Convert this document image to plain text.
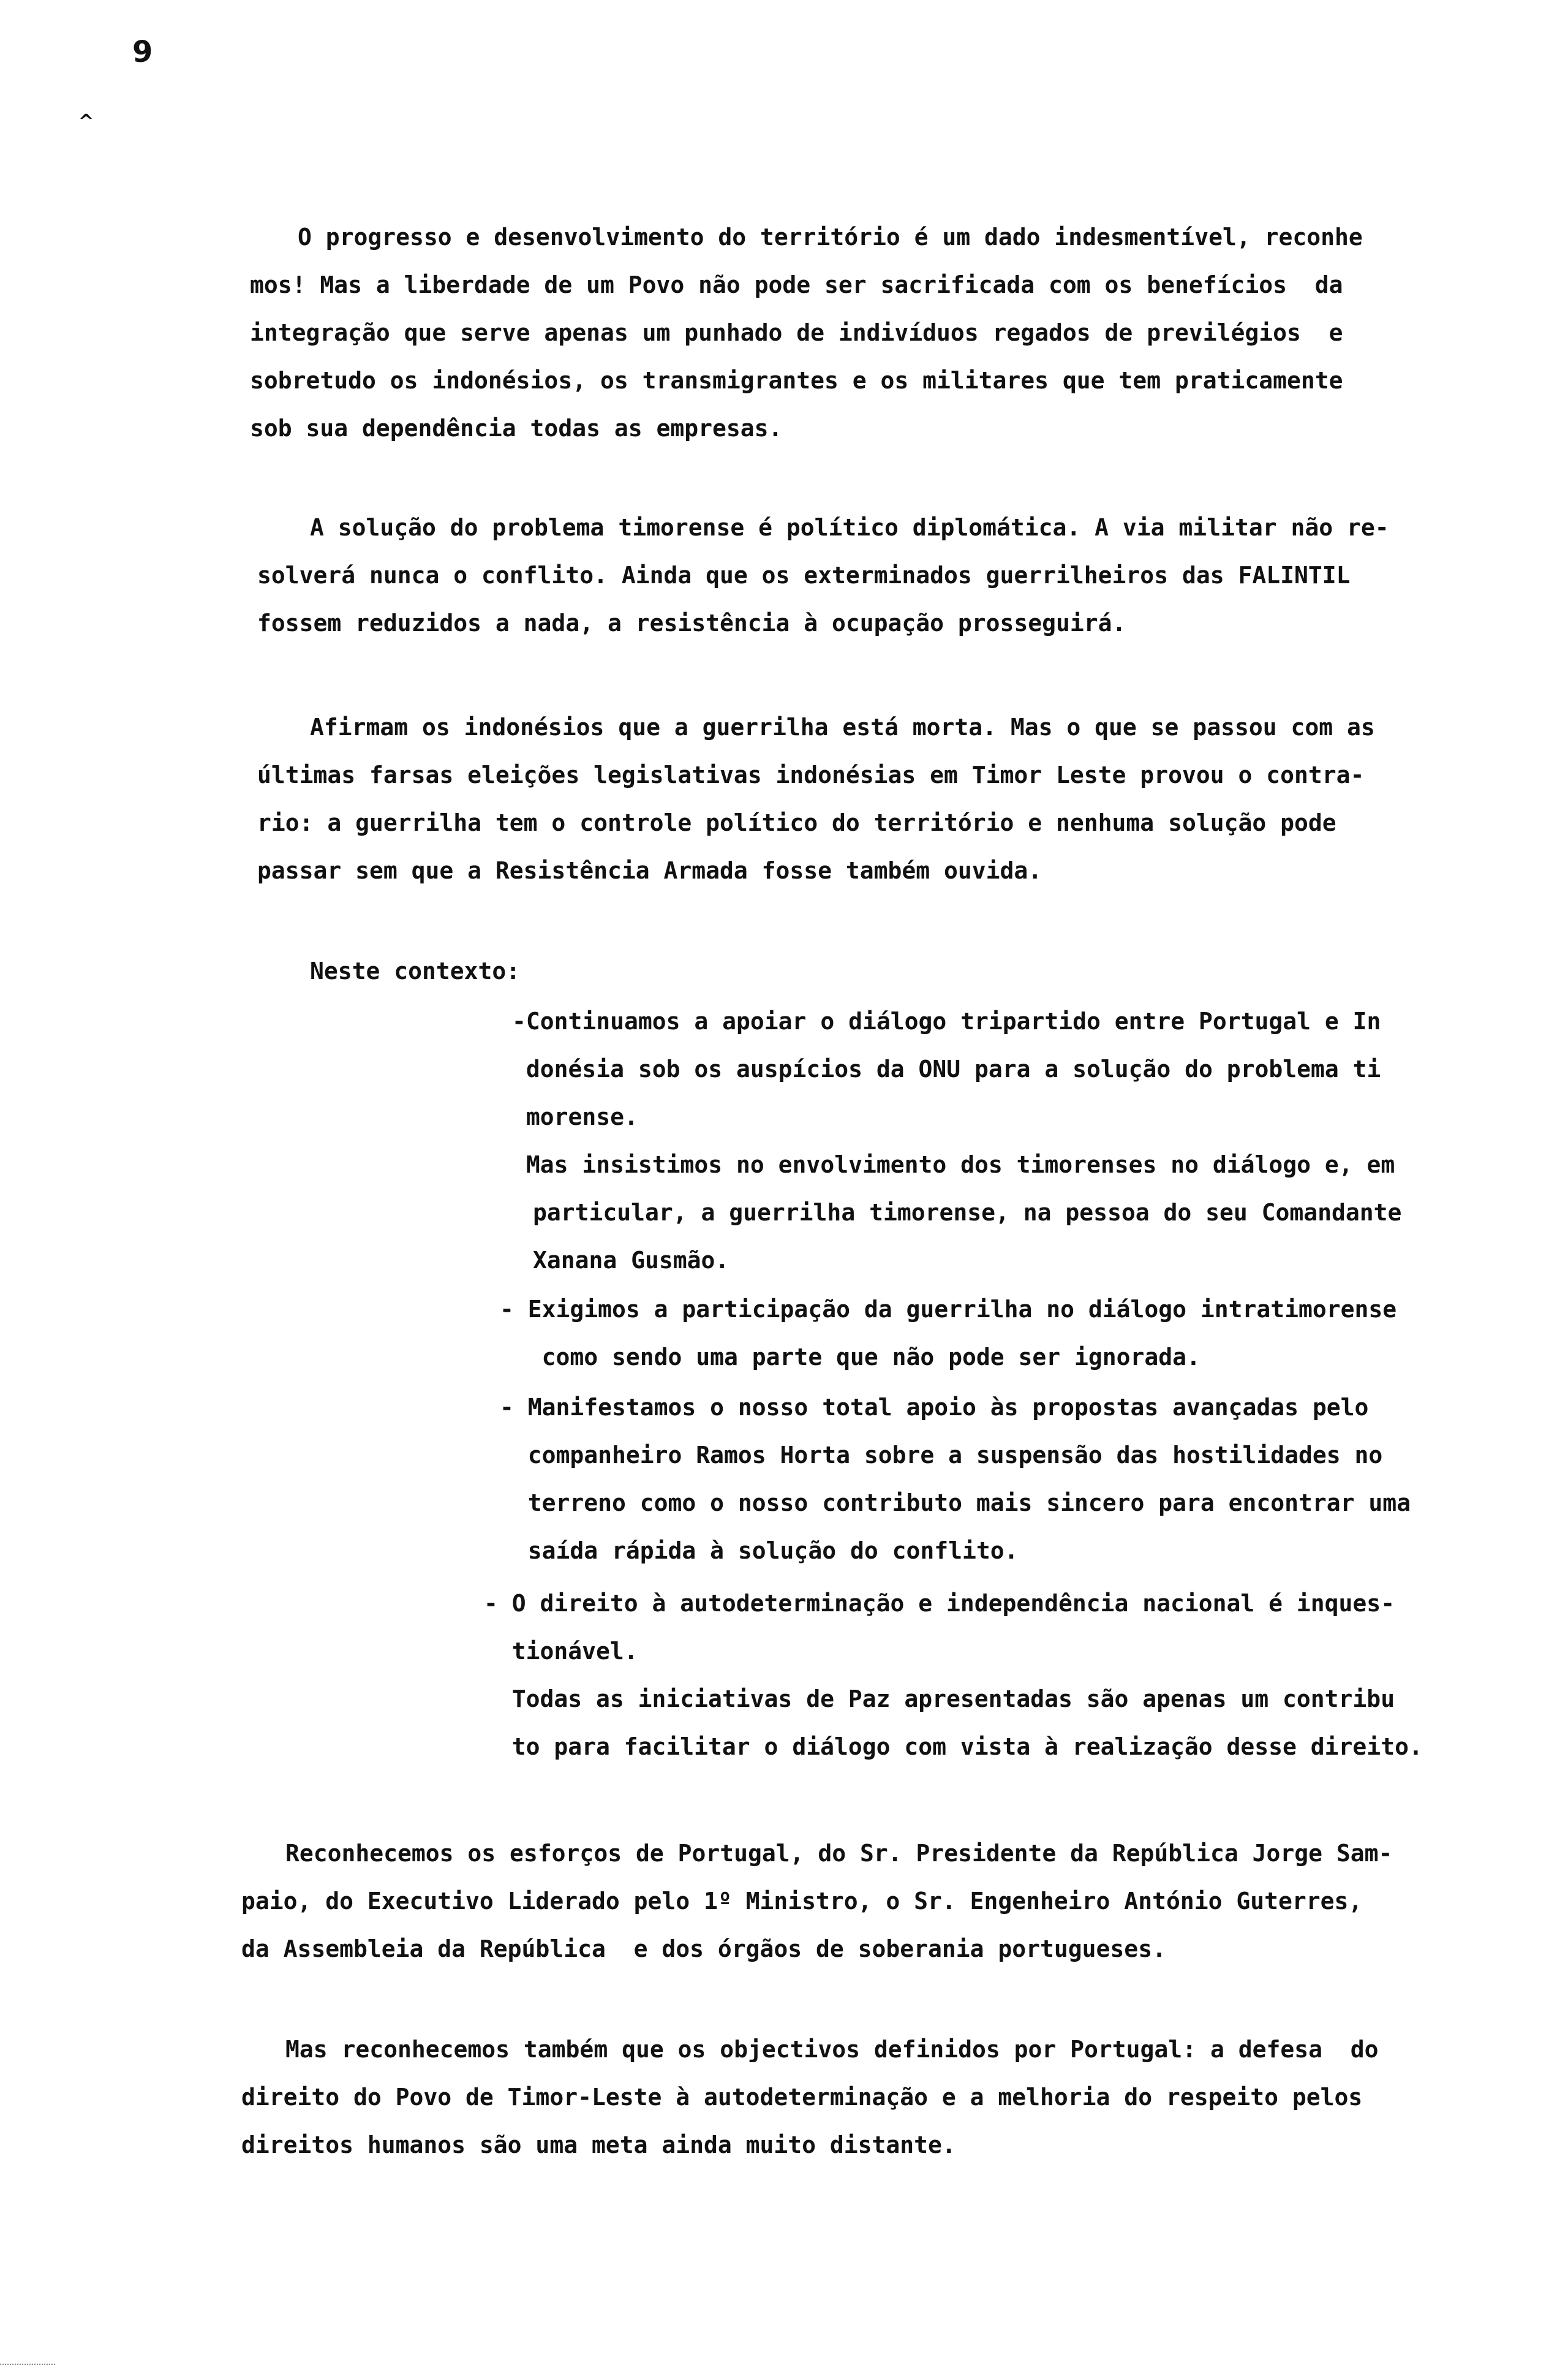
9
^
O progresso e desenvolvimento do território é um dado indesmentível, reconhe
mos! Mas a liberdade de um Povo não pode ser sacrificada com os benefícios  da
integração que serve apenas um punhado de indivíduos regados de previlégios  e
sobretudo os indonésios, os transmigrantes e os militares que tem praticamente
sob sua dependência todas as empresas.
A solução do problema timorense é político diplomática. A via militar não re-
solverá nunca o conflito. Ainda que os exterminados guerrilheiros das FALINTIL
fossem reduzidos a nada, a resistência à ocupação prosseguirá.
Afirmam os indonésios que a guerrilha está morta. Mas o que se passou com as
últimas farsas eleições legislativas indonésias em Timor Leste provou o contra-
rio: a guerrilha tem o controle político do território e nenhuma solução pode
passar sem que a Resistência Armada fosse também ouvida.
Neste contexto:
-Continuamos a apoiar o diálogo tripartido entre Portugal e In
donésia sob os auspícios da ONU para a solução do problema ti
morense.
Mas insistimos no envolvimento dos timorenses no diálogo e, em
particular, a guerrilha timorense, na pessoa do seu Comandante
Xanana Gusmão.
- Exigimos a participação da guerrilha no diálogo intratimorense
como sendo uma parte que não pode ser ignorada.
- Manifestamos o nosso total apoio às propostas avançadas pelo
companheiro Ramos Horta sobre a suspensão das hostilidades no
terreno como o nosso contributo mais sincero para encontrar uma
saída rápida à solução do conflito.
- O direito à autodeterminação e independência nacional é inques-
tionável.
Todas as iniciativas de Paz apresentadas são apenas um contribu
to para facilitar o diálogo com vista à realização desse direito.
Reconhecemos os esforços de Portugal, do Sr. Presidente da República Jorge Sam-
paio, do Executivo Liderado pelo 1º Ministro, o Sr. Engenheiro António Guterres,
da Assembleia da República  e dos órgãos de soberania portugueses.
Mas reconhecemos também que os objectivos definidos por Portugal: a defesa  do
direito do Povo de Timor-Leste à autodeterminação e a melhoria do respeito pelos
direitos humanos são uma meta ainda muito distante.
